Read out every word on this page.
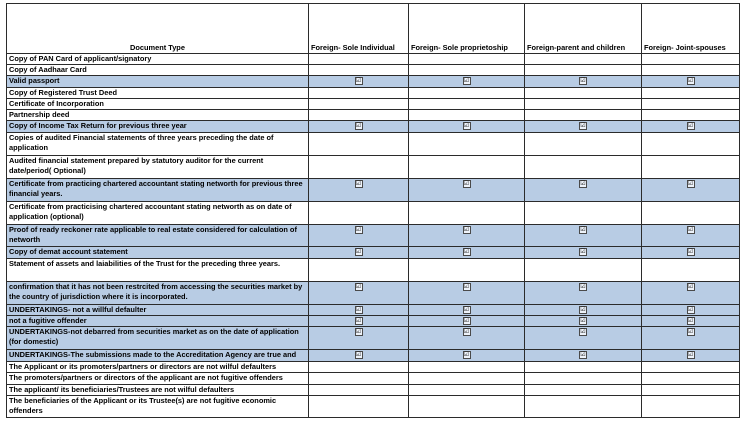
Document Type	Foreign- Sole Individual	Foreign- Sole proprietoship	Foreign-parent and children	Foreign- Joint-spouses
Copy of PAN Card of applicant/signatory				
Copy of Aadhaar Card				
Valid passport	☑	☑	☑	☑
Copy of Registered Trust Deed				
Certificate of Incorporation				
Partnership deed				
Copy of Income Tax Return for previous three year	☑	☑	☑	☑
Copies of audited Financial statements of three years preceding the date of application				
Audited financial statement prepared by statutory auditor for the current date/period( Optional)				
Certificate from practicing chartered accountant stating networth for previous three financial years.	☑	☑	☑	☑
Certificate from practicising chartered accountant stating networth as on date of application (optional)				
Proof of ready reckoner rate applicable to real estate considered for calculation of networth	☑	☑	☑	☑
Copy of demat account statement	☑	☑	☑	☑
Statement of assets and laiabilities of the Trust for the preceding three years.				
confirmation that it has not been restrcited from accessing the securities market by the country of jurisdiction where it is incorporated.	☑	☑	☑	☑
UNDERTAKINGS- not a willful defaulter	☑	☑	☑	☑
not a fugitive offender	☑	☑	☑	☑
UNDERTAKINGS-not debarred from securities market as on the date of application (for domestic)	☑	☑	☑	☑
UNDERTAKINGS-The submissions made to the Accreditation Agency are true and	☑	☑	☑	☑
The Applicant or its promoters/partners or directors are not wilful defaulters				
The promoters/partners or directors of the applicant are not fugitive offenders				
The applicant/ its beneficiaries/Trustees are not wilful defaulters				
The beneficiaries of the Applicant or its Trustee(s) are not fugitive economic offenders				
